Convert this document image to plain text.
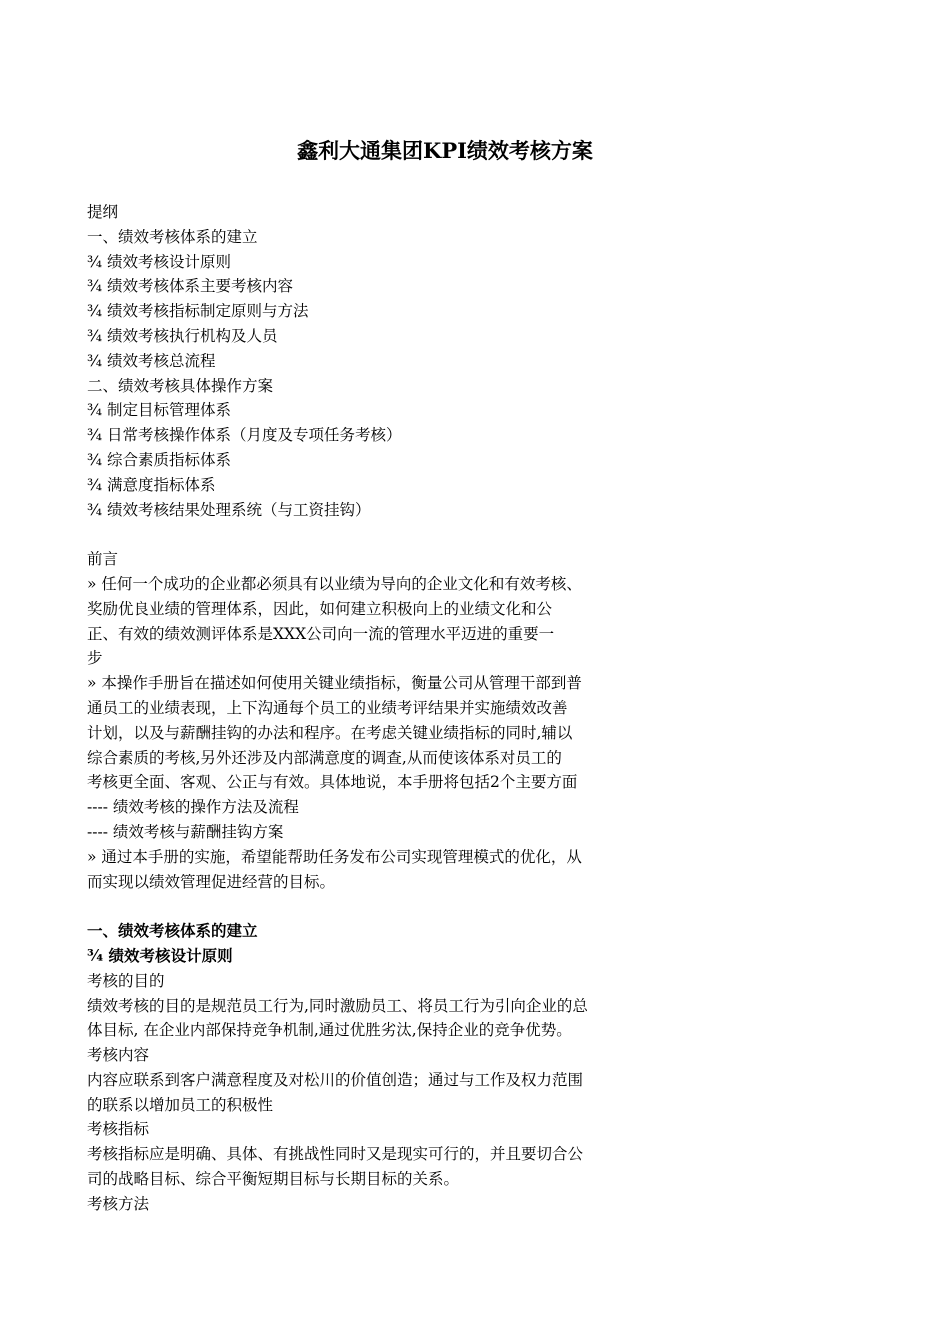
鑫利大通集团KPI绩效考核方案

提纲

一、绩效考核体系的建立

¾ 绩效考核设计原则

¾ 绩效考核体系主要考核内容

¾ 绩效考核指标制定原则与方法

¾ 绩效考核执行机构及人员

¾ 绩效考核总流程

二、绩效考核具体操作方案

¾ 制定目标管理体系

¾ 日常考核操作体系（月度及专项任务考核）

¾ 综合素质指标体系

¾ 满意度指标体系

¾ 绩效考核结果处理系统（与工资挂钩）

前言

» 任何一个成功的企业都必须具有以业绩为导向的企业文化和有效考核、

奖励优良业绩的管理体系，因此，如何建立积极向上的业绩文化和公

正、有效的绩效测评体系是XXX公司向一流的管理水平迈进的重要一

步

» 本操作手册旨在描述如何使用关键业绩指标，衡量公司从管理干部到普

通员工的业绩表现，上下沟通每个员工的业绩考评结果并实施绩效改善

计划，以及与薪酬挂钩的办法和程序。在考虑关键业绩指标的同时,辅以

综合素质的考核,另外还涉及内部满意度的调查,从而使该体系对员工的

考核更全面、客观、公正与有效。具体地说，本手册将包括2个主要方面

---- 绩效考核的操作方法及流程

---- 绩效考核与薪酬挂钩方案

» 通过本手册的实施，希望能帮助任务发布公司实现管理模式的优化，从

而实现以绩效管理促进经营的目标。

一、绩效考核体系的建立

¾ 绩效考核设计原则

考核的目的

绩效考核的目的是规范员工行为,同时激励员工、将员工行为引向企业的总

体目标, 在企业内部保持竞争机制,通过优胜劣汰,保持企业的竞争优势。

考核内容

内容应联系到客户满意程度及对松川的价值创造；通过与工作及权力范围

的联系以增加员工的积极性

考核指标

考核指标应是明确、具体、有挑战性同时又是现实可行的，并且要切合公

司的战略目标、综合平衡短期目标与长期目标的关系。

考核方法
